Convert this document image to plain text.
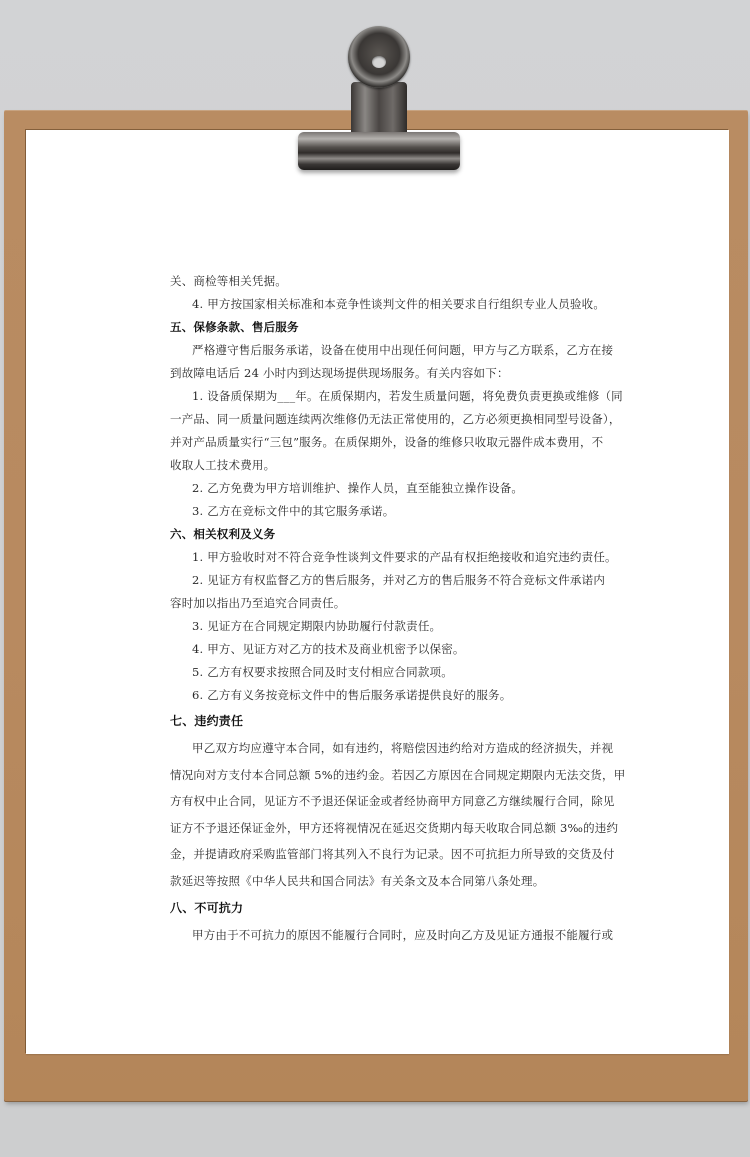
关、商检等相关凭据。
4. 甲方按国家相关标准和本竞争性谈判文件的相关要求自行组织专业人员验收。
五、保修条款、售后服务
严格遵守售后服务承诺，设备在使用中出现任何问题，甲方与乙方联系，乙方在接
到故障电话后 24 小时内到达现场提供现场服务。有关内容如下：
1. 设备质保期为___年。在质保期内，若发生质量问题，将免费负责更换或维修（同
一产品、同一质量问题连续两次维修仍无法正常使用的，乙方必须更换相同型号设备），
并对产品质量实行“三包”服务。在质保期外，设备的维修只收取元器件成本费用，不
收取人工技术费用。
2. 乙方免费为甲方培训维护、操作人员，直至能独立操作设备。
3. 乙方在竞标文件中的其它服务承诺。
六、相关权利及义务
1. 甲方验收时对不符合竞争性谈判文件要求的产品有权拒绝接收和追究违约责任。
2. 见证方有权监督乙方的售后服务，并对乙方的售后服务不符合竞标文件承诺内
容时加以指出乃至追究合同责任。
3. 见证方在合同规定期限内协助履行付款责任。
4. 甲方、见证方对乙方的技术及商业机密予以保密。
5. 乙方有权要求按照合同及时支付相应合同款项。
6. 乙方有义务按竞标文件中的售后服务承诺提供良好的服务。
七、违约责任
甲乙双方均应遵守本合同，如有违约，将赔偿因违约给对方造成的经济损失，并视
情况向对方支付本合同总额 5%的违约金。若因乙方原因在合同规定期限内无法交货，甲
方有权中止合同，见证方不予退还保证金或者经协商甲方同意乙方继续履行合同，除见
证方不予退还保证金外，甲方还将视情况在延迟交货期内每天收取合同总额 3‰的违约
金，并提请政府采购监管部门将其列入不良行为记录。因不可抗拒力所导致的交货及付
款延迟等按照《中华人民共和国合同法》有关条文及本合同第八条处理。
八、不可抗力
甲方由于不可抗力的原因不能履行合同时，应及时向乙方及见证方通报不能履行或
